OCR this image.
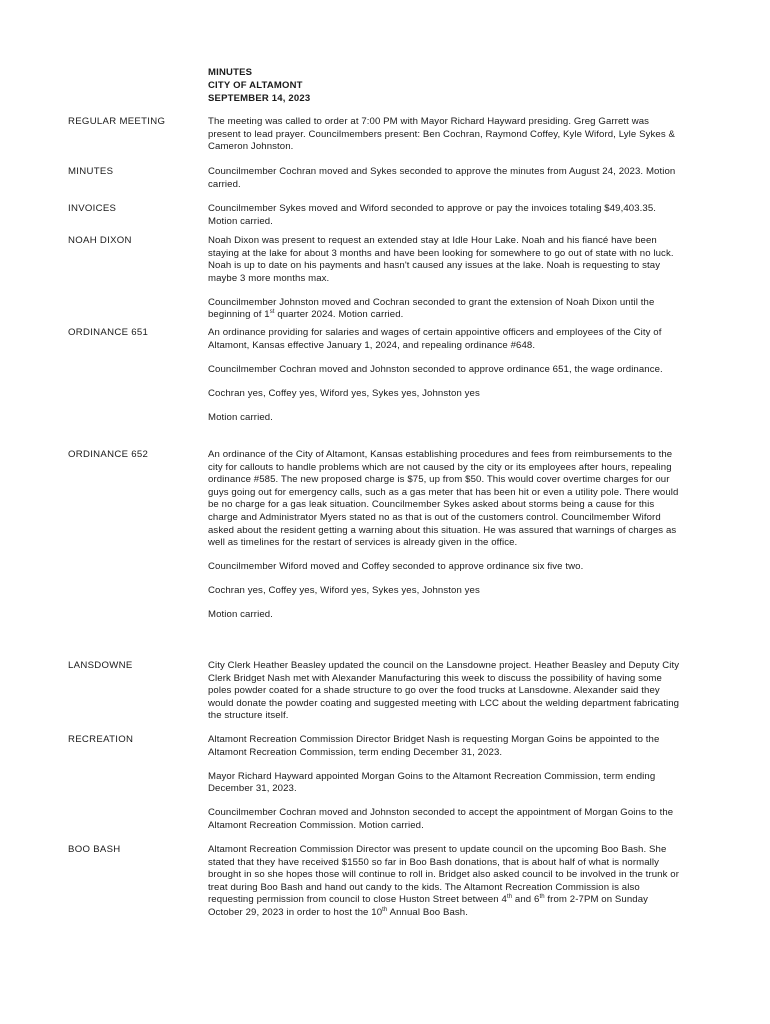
MINUTES
CITY OF ALTAMONT
SEPTEMBER 14, 2023
REGULAR MEETING	The meeting was called to order at 7:00 PM with Mayor Richard Hayward presiding. Greg Garrett was present to lead prayer. Councilmembers present: Ben Cochran, Raymond Coffey, Kyle Wiford, Lyle Sykes & Cameron Johnston.

MINUTES	Councilmember Cochran moved and Sykes seconded to approve the minutes from August 24, 2023. Motion carried.

INVOICES	Councilmember Sykes moved and Wiford seconded to approve or pay the invoices totaling $49,403.35. Motion carried.

NOAH DIXON	Noah Dixon was present to request an extended stay at Idle Hour Lake. Noah and his fiancé have been staying at the lake for about 3 months and have been looking for somewhere to go out of state with no luck. Noah is up to date on his payments and hasn't caused any issues at the lake. Noah is requesting to stay maybe 3 more months max.

Councilmember Johnston moved and Cochran seconded to grant the extension of Noah Dixon until the beginning of 1st quarter 2024. Motion carried.

ORDINANCE 651	An ordinance providing for salaries and wages of certain appointive officers and employees of the City of Altamont, Kansas effective January 1, 2024, and repealing ordinance #648.

Councilmember Cochran moved and Johnston seconded to approve ordinance 651, the wage ordinance.

Cochran yes, Coffey yes, Wiford yes, Sykes yes, Johnston yes

Motion carried.

ORDINANCE 652	An ordinance of the City of Altamont, Kansas establishing procedures and fees from reimbursements to the city for callouts to handle problems which are not caused by the city or its employees after hours, repealing ordinance #585. The new proposed charge is $75, up from $50. This would cover overtime charges for our guys going out for emergency calls, such as a gas meter that has been hit or even a utility pole. There would be no charge for a gas leak situation. Councilmember Sykes asked about storms being a cause for this charge and Administrator Myers stated no as that is out of the customers control. Councilmember Wiford asked about the resident getting a warning about this situation. He was assured that warnings of charges as well as timelines for the restart of services is already given in the office.

Councilmember Wiford moved and Coffey seconded to approve ordinance six five two.

Cochran yes, Coffey yes, Wiford yes, Sykes yes, Johnston yes

Motion carried.

LANSDOWNE	City Clerk Heather Beasley updated the council on the Lansdowne project. Heather Beasley and Deputy City Clerk Bridget Nash met with Alexander Manufacturing this week to discuss the possibility of having some poles powder coated for a shade structure to go over the food trucks at Lansdowne. Alexander said they would donate the powder coating and suggested meeting with LCC about the welding department fabricating the structure itself.

RECREATION	Altamont Recreation Commission Director Bridget Nash is requesting Morgan Goins be appointed to the Altamont Recreation Commission, term ending December 31, 2023.

Mayor Richard Hayward appointed Morgan Goins to the Altamont Recreation Commission, term ending December 31, 2023.

Councilmember Cochran moved and Johnston seconded to accept the appointment of Morgan Goins to the Altamont Recreation Commission. Motion carried.

BOO BASH	Altamont Recreation Commission Director was present to update council on the upcoming Boo Bash. She stated that they have received $1550 so far in Boo Bash donations, that is about half of what is normally brought in so she hopes those will continue to roll in. Bridget also asked council to be involved in the trunk or treat during Boo Bash and hand out candy to the kids. The Altamont Recreation Commission is also requesting permission from council to close Huston Street between 4th and 6th from 2-7PM on Sunday October 29, 2023 in order to host the 10th Annual Boo Bash.
